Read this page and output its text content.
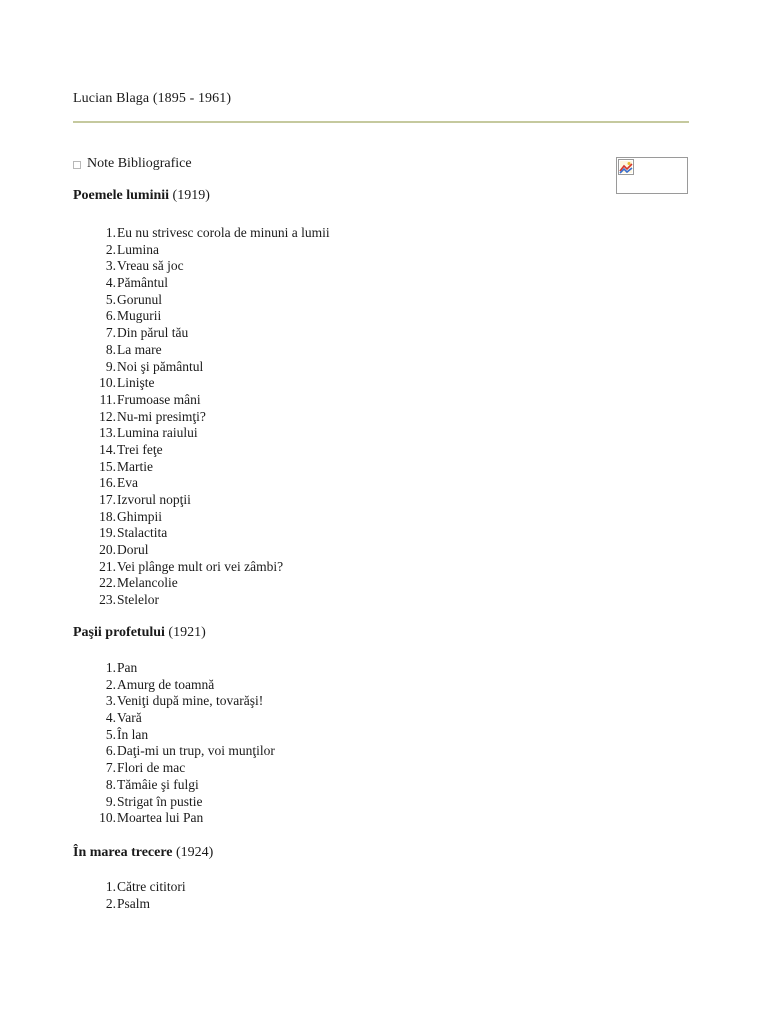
Lucian Blaga (1895 - 1961)
Note Bibliografice
Poemele luminii (1919)
1. Eu nu strivesc corola de minuni a lumii
2. Lumina
3. Vreau să joc
4. Pământul
5. Gorunul
6. Mugurii
7. Din părul tău
8. La mare
9. Noi şi pământul
10. Linişte
11. Frumoase mâni
12. Nu-mi presimţi?
13. Lumina raiului
14. Trei feţe
15. Martie
16. Eva
17. Izvorul nopţii
18. Ghimpii
19. Stalactita
20. Dorul
21. Vei plânge mult ori vei zâmbi?
22. Melancolie
23. Stelelor
Paşii profetului (1921)
1. Pan
2. Amurg de toamnă
3. Veniţi după mine, tovarăşi!
4. Vară
5. În lan
6. Daţi-mi un trup, voi munţilor
7. Flori de mac
8. Tămâie şi fulgi
9. Strigat în pustie
10. Moartea lui Pan
În marea trecere (1924)
1. Către cititori
2. Psalm
